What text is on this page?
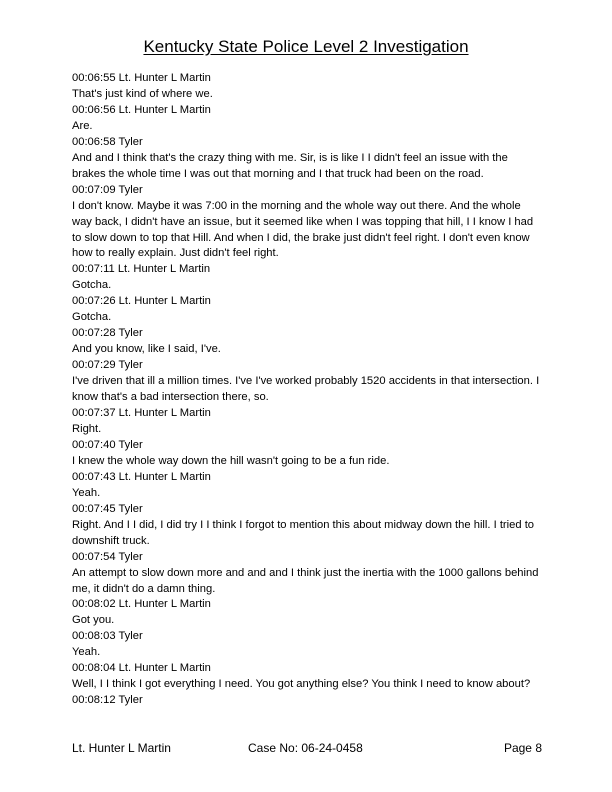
Kentucky State Police Level 2 Investigation
00:06:55 Lt. Hunter L Martin
That's just kind of where we.
00:06:56 Lt. Hunter L Martin
Are.
00:06:58 Tyler
And and I think that's the crazy thing with me. Sir, is is like I I didn't feel an issue with the brakes the whole time I was out that morning and I that truck had been on the road.
00:07:09 Tyler
I don't know. Maybe it was 7:00 in the morning and the whole way out there. And the whole way back, I didn't have an issue, but it seemed like when I was topping that hill, I I know I had to slow down to top that Hill. And when I did, the brake just didn't feel right. I don't even know how to really explain. Just didn't feel right.
00:07:11 Lt. Hunter L Martin
Gotcha.
00:07:26 Lt. Hunter L Martin
Gotcha.
00:07:28 Tyler
And you know, like I said, I've.
00:07:29 Tyler
I've driven that ill a million times. I've I've worked probably 1520 accidents in that intersection. I know that's a bad intersection there, so.
00:07:37 Lt. Hunter L Martin
Right.
00:07:40 Tyler
I knew the whole way down the hill wasn't going to be a fun ride.
00:07:43 Lt. Hunter L Martin
Yeah.
00:07:45 Tyler
Right. And I I did, I did try I I think I forgot to mention this about midway down the hill. I tried to downshift truck.
00:07:54 Tyler
An attempt to slow down more and and and I think just the inertia with the 1000 gallons behind me, it didn't do a damn thing.
00:08:02 Lt. Hunter L Martin
Got you.
00:08:03 Tyler
Yeah.
00:08:04 Lt. Hunter L Martin
Well, I I think I got everything I need. You got anything else? You think I need to know about?
00:08:12 Tyler
Lt. Hunter L Martin	Case No: 06-24-0458	Page 8
